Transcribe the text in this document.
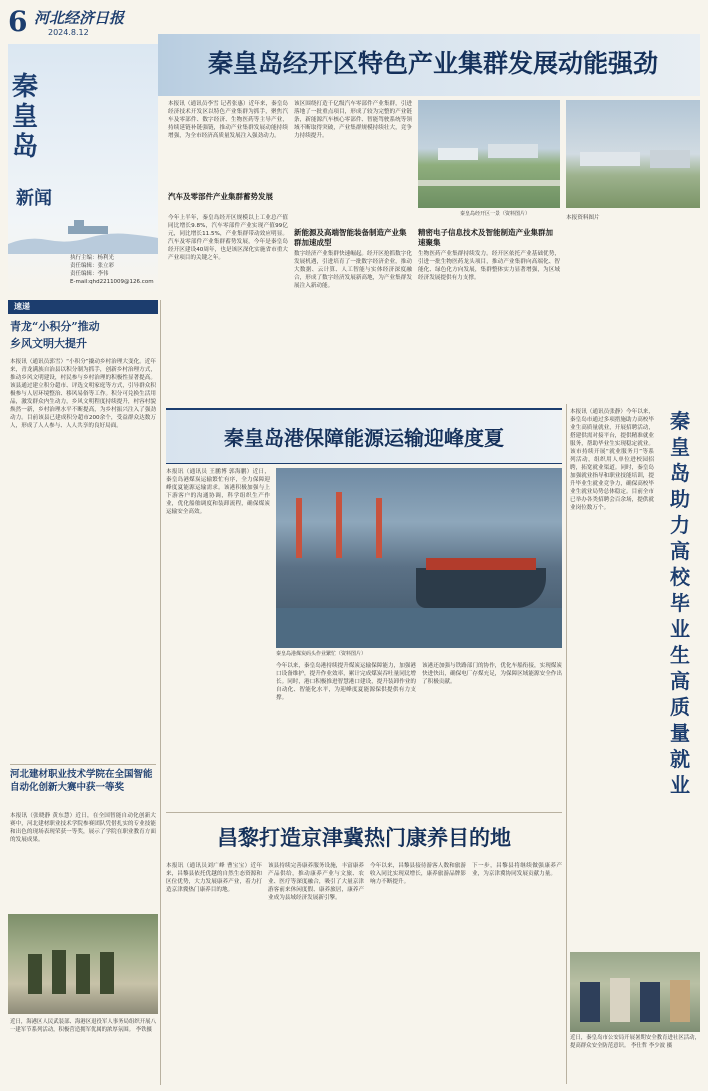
6 河北经济日报
2024.8.12
秦
皇
岛
新闻
执行主编：杨利光
责任编辑：张立彩
责任编辑：李伟
E-mail:qhd2211009@126.com
秦皇岛经开区特色产业集群发展动能强劲
本报讯（通讯员李雪 记者张惠）近年来，秦皇岛经济技术开发区以特色产业集群为抓手，聚焦汽车及零部件、数字经济、生物医药等主导产业，持续延链补链强链，推动产业集群发展动能持续增强，为全市经济高质量发展注入强劲动力。
汽车及零部件产业集群蓄势发展
今年上半年，秦皇岛经开区规模以上工业总产值同比增长9.8%，汽车零部件产业实现产值99亿元，同比增长11.5%，产业集群带动效应明显。汽车及零部件产业集群蓄势发展，今年是秦皇岛经开区建设40周年，也是该区深化实施省市重大产业项目的关键之年。
该区围绕打造千亿级汽车零部件产业集群，引进落地了一批重点项目，形成了较为完整的产业链条，新能源汽车核心零部件、智能驾驶系统等领域不断取得突破，产业集群规模持续壮大，竞争力持续提升。
新能源及高端智能装备制造产业集群加速成型
数字经济产业集群快速崛起。经开区抢抓数字化发展机遇，引进培育了一批数字经济企业，推动大数据、云计算、人工智能与实体经济深度融合，形成了数字经济发展新高地，为产业集群发展注入新动能。
秦皇岛经开区一景（资料图片）
精密电子信息技术及智能制造产业集群加速聚集
生物医药产业集群持续发力。经开区依托产业基础优势，引进一批生物医药龙头项目，推动产业集群向高端化、智能化、绿色化方向发展，集群整体实力显著增强，为区域经济发展提供有力支撑。
本报资料图片
速递
青龙“小积分”推动
乡风文明大提升
本报讯（通讯员郭雪）“小积分”撬动乡村治理大变化。近年来，青龙满族自治县以积分制为抓手，创新乡村治理方式，推动乡风文明建设，村民参与乡村治理的积极性显著提高。该县通过建立积分超市、评选文明家庭等方式，引导群众积极参与人居环境整治、移风易俗等工作。积分可兑换生活用品，激发群众内生动力，乡风文明程度持续提升，村容村貌焕然一新，乡村治理水平不断提高，为乡村振兴注入了强劲动力。目前该县已建成积分超市200余个，受益群众达数万人，形成了人人参与、人人共享的良好局面。
河北建材职业技术学院在全国智能自动化创新大赛中获一等奖
本报讯（张晓静 黄东慧）近日，在全国智能自动化创新大赛中，河北建材职业技术学院参赛团队凭借扎实的专业技能和出色的现场表现荣获一等奖，展示了学院在职业教育方面的发展成果。
近日，海港区人民武装部、海港区退役军人事务局组织开展八一建军节系列活动，积极营造拥军优属的浓厚氛围。 李铁摄
秦皇岛港保障能源运输迎峰度夏
本报讯（通讯员 王鹏博 郭海鹏）近日，秦皇岛港煤炭运输繁忙有序，全力保障迎峰度夏能源运输需求。该港积极加强与上下游客户的沟通协调，科学组织生产作业，优化船舶调度和装卸流程，确保煤炭运输安全高效。
秦皇岛港煤炭码头作业繁忙（资料图片）
今年以来，秦皇岛港持续提升煤炭运输保障能力，加强港口设备维护，提升作业效率，累计完成煤炭吞吐量同比增长。同时，港口积极推进智慧港口建设，提升装卸作业的自动化、智能化水平，为迎峰度夏能源保供提供有力支撑。
该港还加强与铁路部门的协作，优化车船衔接，实现煤炭快进快出，确保电厂存煤充足，为保障区域能源安全作出了积极贡献。
昌黎打造京津冀热门康养目的地
本报讯（通讯员刘广峰 曹宝宝）近年来，昌黎县依托优越的自然生态资源和区位优势，大力发展康养产业，着力打造京津冀热门康养目的地。
该县持续完善康养服务设施，丰富康养产品供给，推动康养产业与文旅、农业、医疗等深度融合，吸引了大量京津游客前来休闲度假、康养旅居，康养产业成为县域经济发展新引擎。
今年以来，昌黎县接待游客人数和旅游收入同比实现双增长，康养旅游品牌影响力不断提升。
下一步，昌黎县将继续做强康养产业，为京津冀协同发展贡献力量。
本报讯（通讯员张静）今年以来，秦皇岛市通过多项措施助力高校毕业生高质量就业，开展招聘活动，搭建供需对接平台，提供精准就业服务，帮助毕业生实现稳定就业。该市持续开展“就业服务月”等系列活动，组织用人单位进校园招聘，拓宽就业渠道。同时，秦皇岛加强就业指导和职业技能培训，提升毕业生就业竞争力，确保高校毕业生就业局势总体稳定。目前全市已举办各类招聘会百余场，提供就业岗位数万个。
秦
皇
岛
助
力
高
校
毕
业
生
高
质
量
就
业
近日，秦皇岛市公安局开展暑期安全教育进社区活动，提高群众安全防范意识。 李仕哲 李少波 摄
